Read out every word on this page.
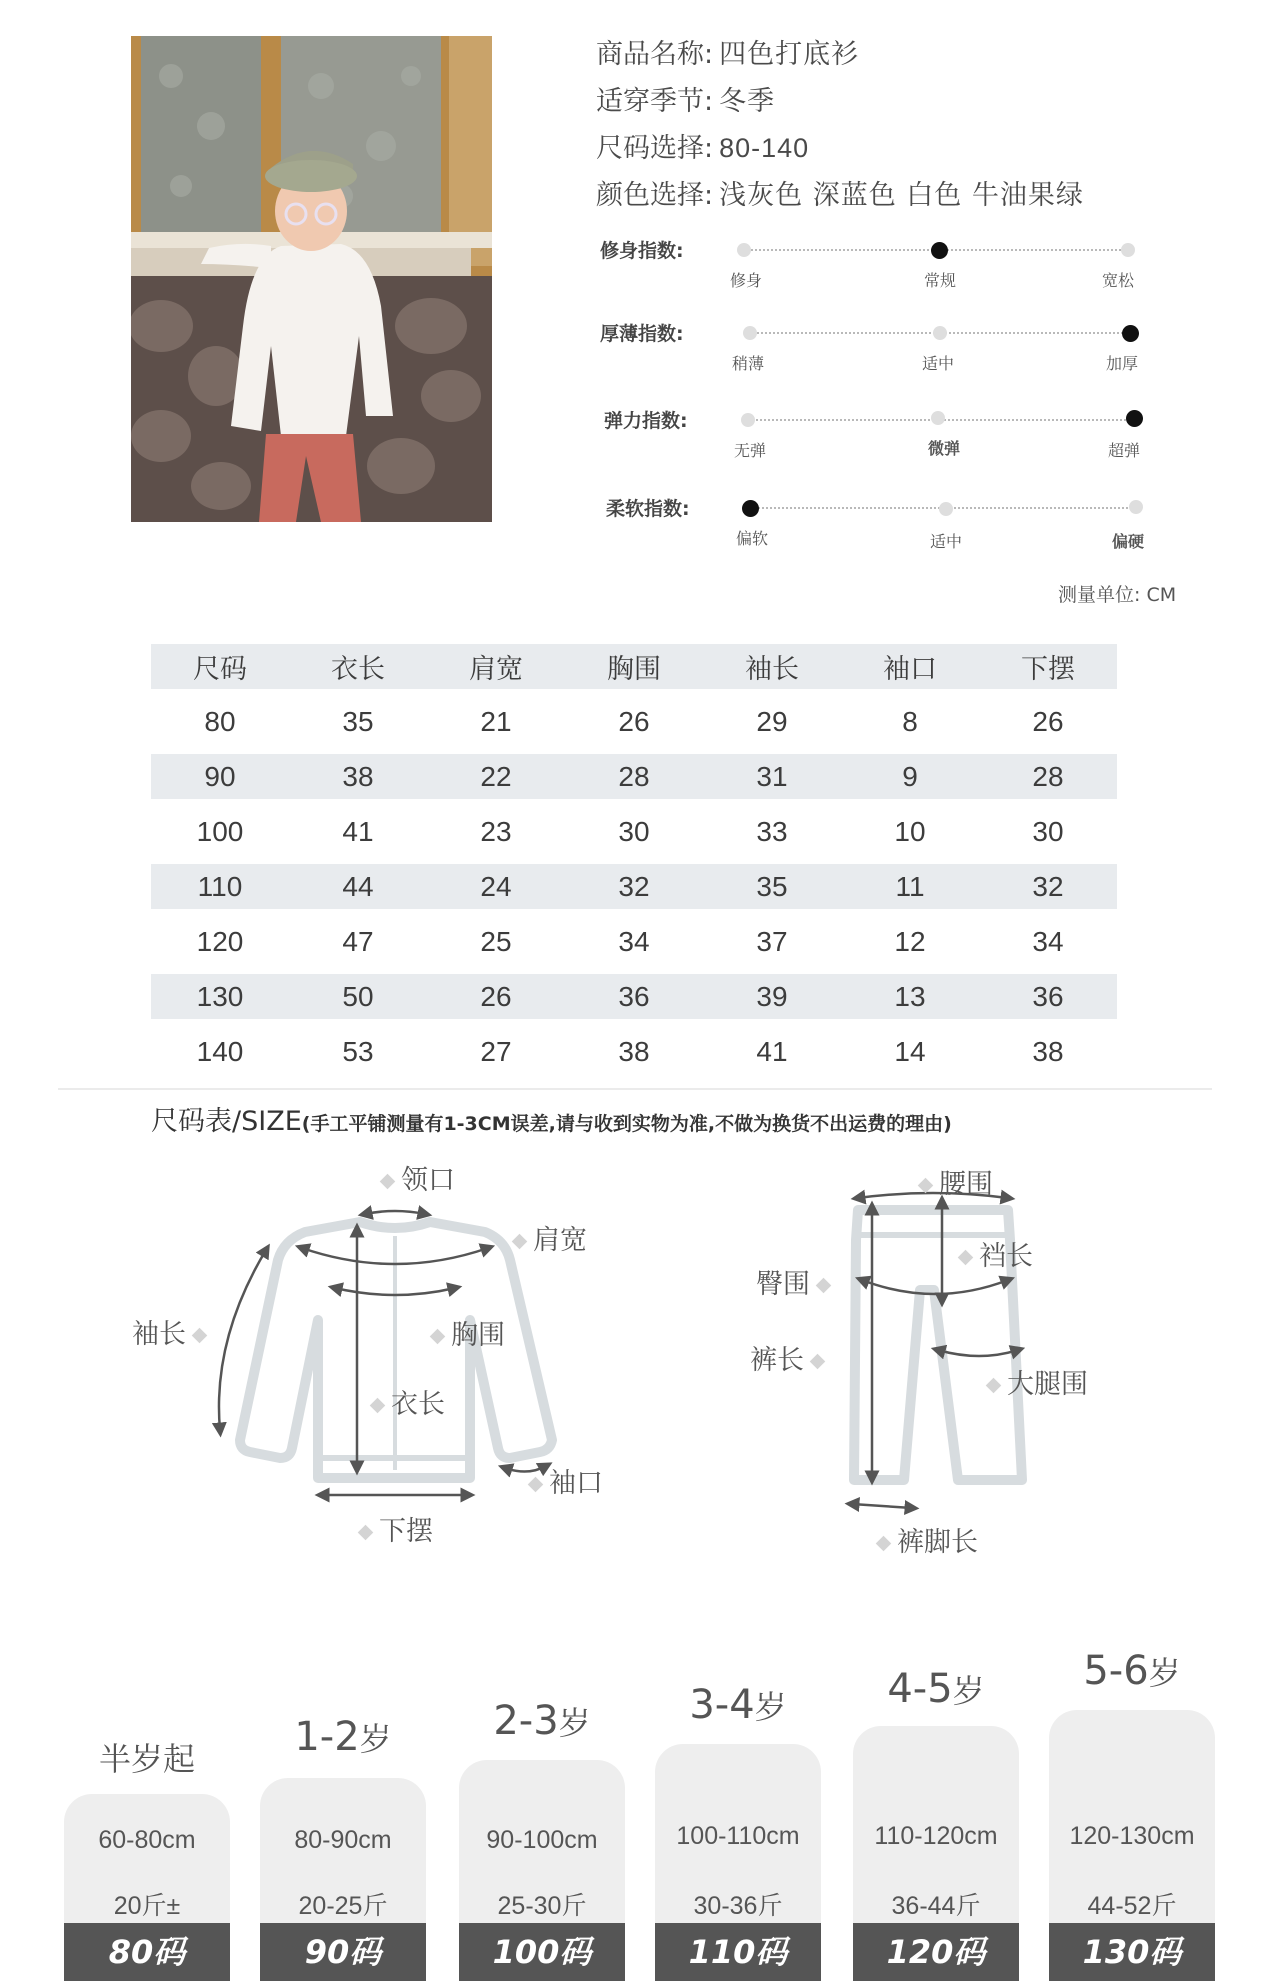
商品名称: 四色打底衫
适穿季节: 冬季
尺码选择: 80-140
颜色选择: 浅灰色 深蓝色 白色 牛油果绿
修身指数:
修身	常规	宽松
厚薄指数:
稍薄	适中	加厚
弹力指数:
无弹	微弹	超弹
柔软指数:
偏软	适中	偏硬
测量单位: CM
尺码	衣长	肩宽	胸围	袖长	袖口	下摆
80	35	21	26	29	8	26
90	38	22	28	31	9	28
100	41	23	30	33	10	30
110	44	24	32	35	11	32
120	47	25	34	37	12	34
130	50	26	36	39	13	36
140	53	27	38	41	14	38
尺码表/SIZE(手工平铺测量有1-3CM误差,请与收到实物为准,不做为换货不出运费的理由)
领口
肩宽
袖长	胸围
衣长
袖口
下摆
腰围
裆长
臀围
裤长
大腿围
裤脚长
半岁起
60-80cm
20斤±
80码
1-2岁
80-90cm
20-25斤
90码
2-3岁
90-100cm
25-30斤
100码
3-4岁
100-110cm
30-36斤
110码
4-5岁
110-120cm
36-44斤
120码
5-6岁
120-130cm
44-52斤
130码
